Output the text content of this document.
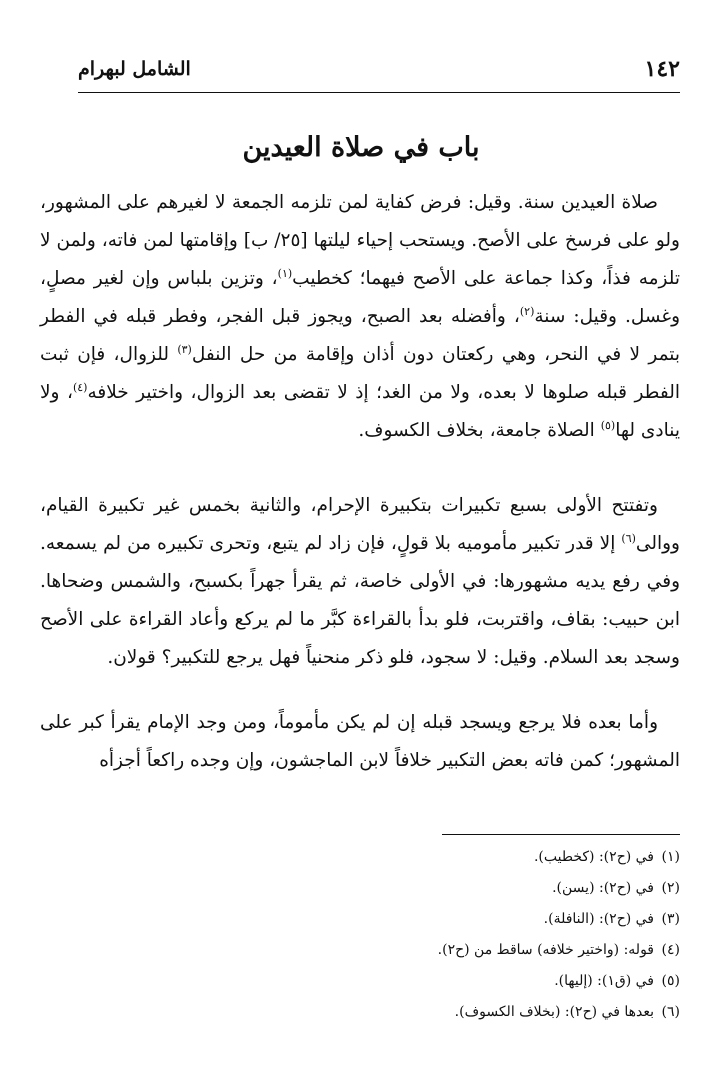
١٤٢
الشامل لبهرام
باب في صلاة العيدين

صلاة العيدين سنة. وقيل: فرض كفاية لمن تلزمه الجمعة لا لغيرهم على المشهور، ولو على فرسخ على الأصح. ويستحب إحياء ليلتها [٢٥/ ب] وإقامتها لمن فاته، ولمن لا تلزمه فذاً، وكذا جماعة على الأصح فيهما؛ كخطيب$^{(١)}$، وتزين بلباس وإن لغير مصلٍ، وغسل. وقيل: سنة$^{(٢)}$، وأفضله بعد الصبح، ويجوز قبل الفجر، وفطر قبله في الفطر بتمر لا في النحر، وهي ركعتان دون أذان وإقامة من حل النفل$^{(٣)}$ للزوال، فإن ثبت الفطر قبله صلوها لا بعده، ولا من الغد؛ إذ لا تقضى بعد الزوال، واختير خلافه$^{(٤)}$، ولا ينادى لها$^{(٥)}$ الصلاة جامعة، بخلاف الكسوف.

وتفتتح الأولى بسبع تكبيرات بتكبيرة الإحرام، والثانية بخمس غير تكبيرة القيام، ووالى$^{(٦)}$ إلا قدر تكبير مأموميه بلا قولٍ، فإن زاد لم يتبع، وتحرى تكبيره من لم يسمعه. وفي رفع يديه مشهورها: في الأولى خاصة، ثم يقرأ جهراً بكسبح، والشمس وضحاها. ابن حبيب: بقاف، واقتربت، فلو بدأ بالقراءة كبَّر ما لم يركع وأعاد القراءة على الأصح وسجد بعد السلام. وقيل: لا سجود، فلو ذكر منحنياً فهل يرجع للتكبير؟ قولان.

وأما بعده فلا يرجع ويسجد قبله إن لم يكن مأموماً، ومن وجد الإمام يقرأ كبر على المشهور؛ كمن فاته بعض التكبير خلافاً لابن الماجشون، وإن وجده راكعاً أجزأه

(١)
في (ح٢): (كخطيب).
(٢)
في (ح٢): (يسن).
(٣)
في (ح٢): (النافلة).
(٤)
قوله: (واختير خلافه) ساقط من (ح٢).
(٥)
في (ق١): (إليها).
(٦)
بعدها في (ح٢): (بخلاف الكسوف).
